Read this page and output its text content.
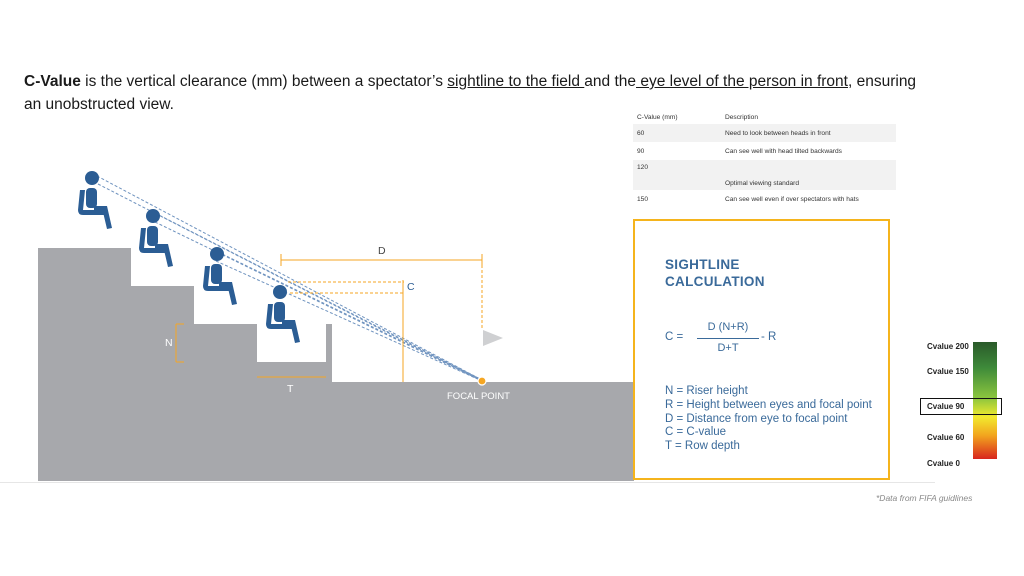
C-Value is the vertical clearance (mm) between a spectator’s sightline to the field and the eye level of the person in front, ensuring an unobstructed view.

C-Value (mm)	Description
60	Need to look between heads in front
90	Can see well with head tilted backwards
120	Optimal viewing standard
150	Can see well even if over spectators with hats
D
C
R
N
T
FOCAL POINT
SIGHTLINE
CALCULATION
C =
D (N+R)
D+T
- R
N = Riser height
R = Height between eyes and focal point
D = Distance from eye to focal point
C = C-value
T = Row depth
Cvalue 200
Cvalue 150
Cvalue 90
Cvalue 60
Cvalue 0
*Data from FIFA guidlines
